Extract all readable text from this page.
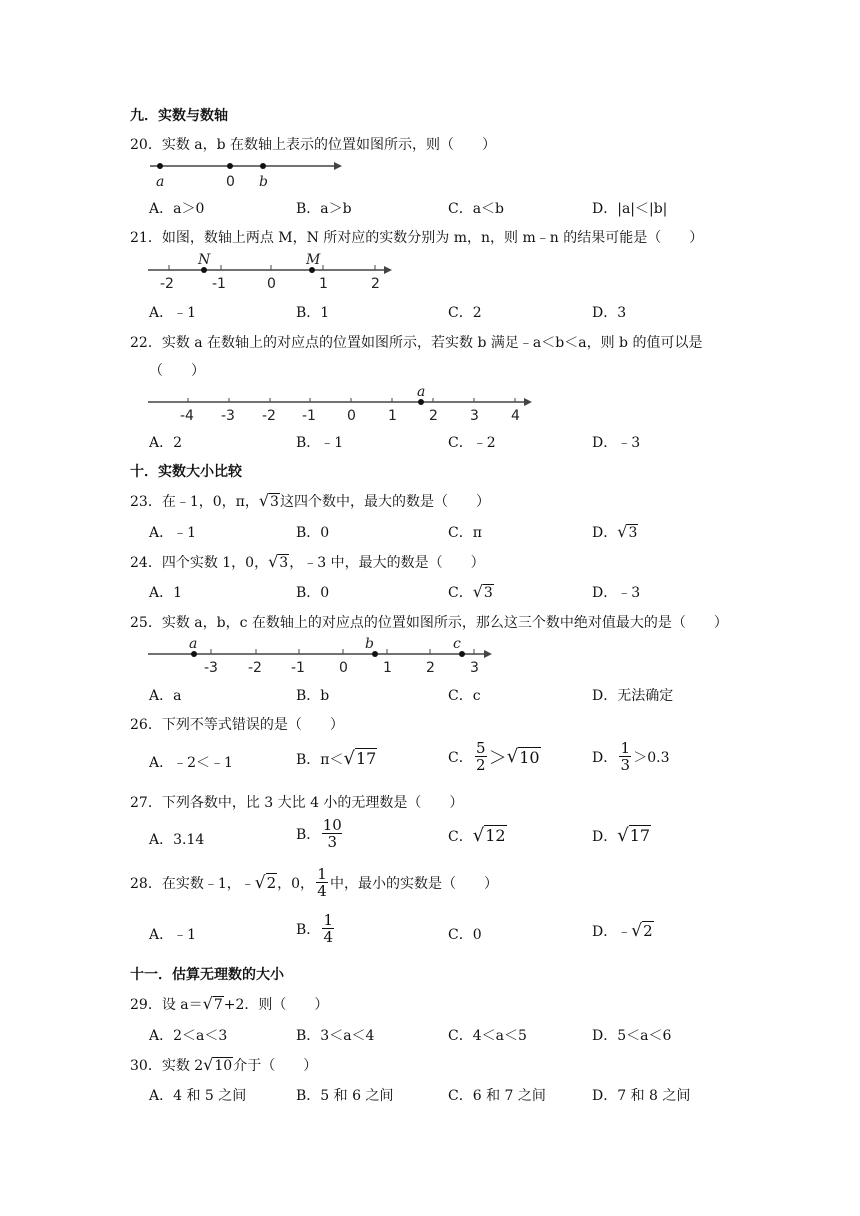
九．实数与数轴
20．实数 a，b 在数轴上表示的位置如图所示，则（　　）
a	0 b
A．a＞0	B．a＞b	C．a＜b	D．|a|＜|b|
21．如图，数轴上两点 M，N 所对应的实数分别为 m，n，则 m﹣n 的结果可能是（　　）
N	M
-2	-1	0	1	2
A．﹣1	B．1	C．2	D．3
22．实数 a 在数轴上的对应点的位置如图所示，若实数 b 满足﹣a＜b＜a，则 b 的值可以是
（　　）
a
-4 -3 -2 -1 0 1 2 3 4
A．2	B．﹣1	C．﹣2	D．﹣3
十．实数大小比较
23．在﹣1，0，π，√3这四个数中，最大的数是（　　）
A．﹣1	B．0	C．π	D．√3
24．四个实数 1，0，√3，﹣3 中，最大的数是（　　）
A．1	B．0	C．√3	D．﹣3
25．实数 a，b，c 在数轴上的对应点的位置如图所示，那么这三个数中绝对值最大的是（　　）
a	b	c
-3 -2 -1 0	1 2	3
A．a	B．b	C．c	D．无法确定
26．下列不等式错误的是（　　）
A．﹣2＜﹣1	B．π＜√17	C．
5
2 ＞ √ 10	D．
1
3 ＞0.3
27．下列各数中，比 3 大比 4 小的无理数是（　　）
A．3.14	B．
10
3	C．√12	D．√17
28．在实数﹣1，﹣ √ 2 ，0，
1
4 中，最小的实数是（　　）
A．﹣1	B．
1
4	C．0	D．﹣√2
十一．估算无理数的大小
29．设 a＝√7+2．则（　　）
A．2＜a＜3	B．3＜a＜4	C．4＜a＜5	D．5＜a＜6
30．实数 2√10介于（　　）
A．4 和 5 之间	B．5 和 6 之间	C．6 和 7 之间	D．7 和 8 之间
